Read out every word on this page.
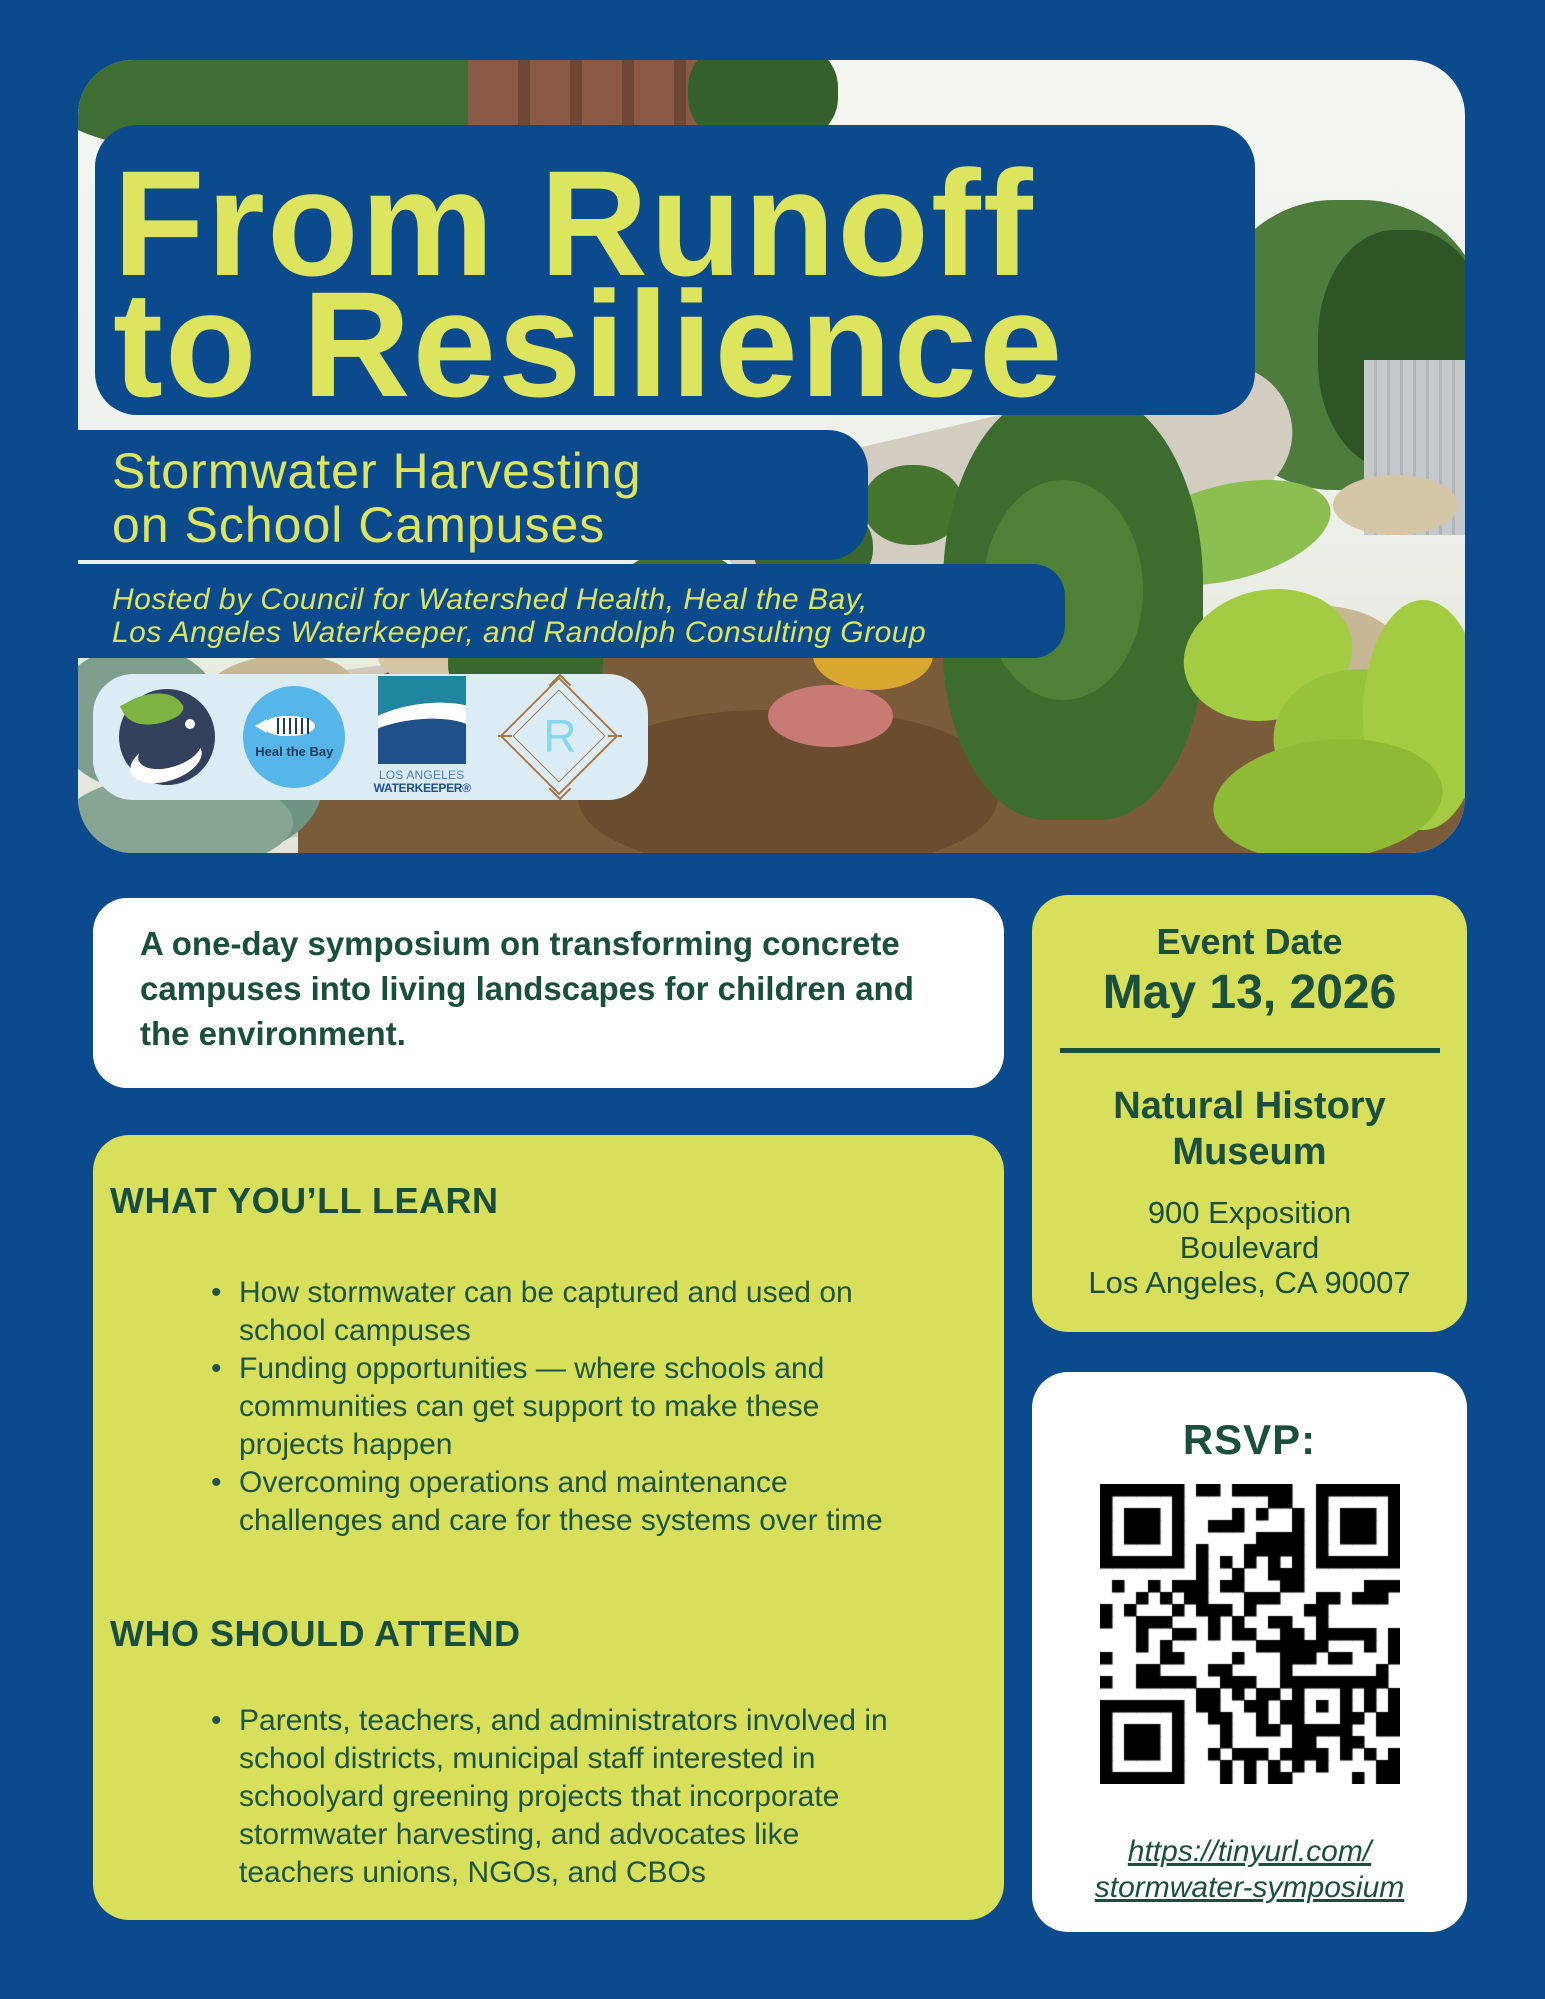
From Runoff
to Resilience
Stormwater Harvesting
on School Campuses
Hosted by Council for Watershed Health, Heal the Bay,
Los Angeles Waterkeeper, and Randolph Consulting Group
Heal the Bay
LOS ANGELES
WATERKEEPER®
R
A one-day symposium on transforming concrete campuses into living landscapes for children and the environment.
Event Date
May 13, 2026
Natural History
Museum
900 Exposition
Boulevard
Los Angeles, CA 90007
WHAT YOU’LL LEARN
• How stormwater can be captured and used on school campuses
• Funding opportunities — where schools and communities can get support to make these projects happen
• Overcoming operations and maintenance challenges and care for these systems over time
WHO SHOULD ATTEND
• Parents, teachers, and administrators involved in school districts, municipal staff interested in schoolyard greening projects that incorporate stormwater harvesting, and advocates like teachers unions, NGOs, and CBOs
RSVP:
https://tinyurl.com/
stormwater-symposium
